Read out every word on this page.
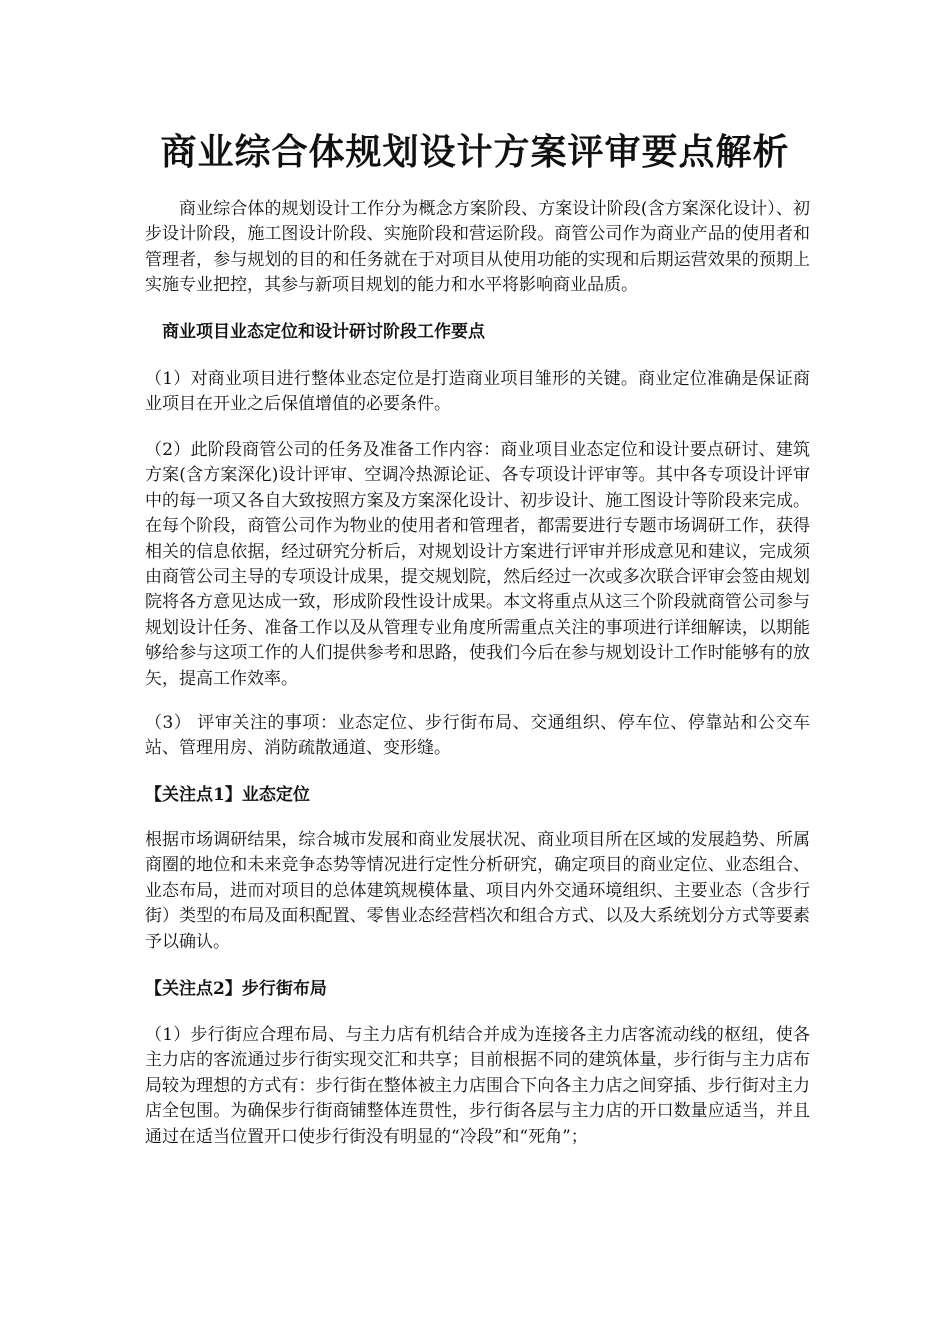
商业综合体规划设计方案评审要点解析

商业综合体的规划设计工作分为概念方案阶段、方案设计阶段(含方案深化设计）、初步设计阶段，施工图设计阶段、实施阶段和营运阶段。商管公司作为商业产品的使用者和管理者，参与规划的目的和任务就在于对项目从使用功能的实现和后期运营效果的预期上实施专业把控，其参与新项目规划的能力和水平将影响商业品质。

商业项目业态定位和设计研讨阶段工作要点

（1）对商业项目进行整体业态定位是打造商业项目雏形的关键。商业定位准确是保证商业项目在开业之后保值增值的必要条件。

（2）此阶段商管公司的任务及准备工作内容：商业项目业态定位和设计要点研讨、建筑方案(含方案深化)设计评审、空调冷热源论证、各专项设计评审等。其中各专项设计评审中的每一项又各自大致按照方案及方案深化设计、初步设计、施工图设计等阶段来完成。在每个阶段，商管公司作为物业的使用者和管理者，都需要进行专题市场调研工作，获得相关的信息依据，经过研究分析后，对规划设计方案进行评审并形成意见和建议，完成须由商管公司主导的专项设计成果，提交规划院，然后经过一次或多次联合评审会签由规划院将各方意见达成一致，形成阶段性设计成果。本文将重点从这三个阶段就商管公司参与规划设计任务、准备工作以及从管理专业角度所需重点关注的事项进行详细解读，以期能够给参与这项工作的人们提供参考和思路，使我们今后在参与规划设计工作时能够有的放矢，提高工作效率。

（3） 评审关注的事项：业态定位、步行街布局、交通组织、停车位、停靠站和公交车站、管理用房、消防疏散通道、变形缝。

【关注点1】业态定位

根据市场调研结果，综合城市发展和商业发展状况、商业项目所在区域的发展趋势、所属商圈的地位和未来竞争态势等情况进行定性分析研究，确定项目的商业定位、业态组合、业态布局，进而对项目的总体建筑规模体量、项目内外交通环境组织、主要业态（含步行街）类型的布局及面积配置、零售业态经营档次和组合方式、以及大系统划分方式等要素予以确认。

【关注点2】步行街布局

（1）步行街应合理布局、与主力店有机结合并成为连接各主力店客流动线的枢纽，使各主力店的客流通过步行街实现交汇和共享；目前根据不同的建筑体量，步行街与主力店布局较为理想的方式有：步行街在整体被主力店围合下向各主力店之间穿插、步行街对主力店全包围。为确保步行街商铺整体连贯性，步行街各层与主力店的开口数量应适当，并且通过在适当位置开口使步行街没有明显的“冷段”和“死角”；
